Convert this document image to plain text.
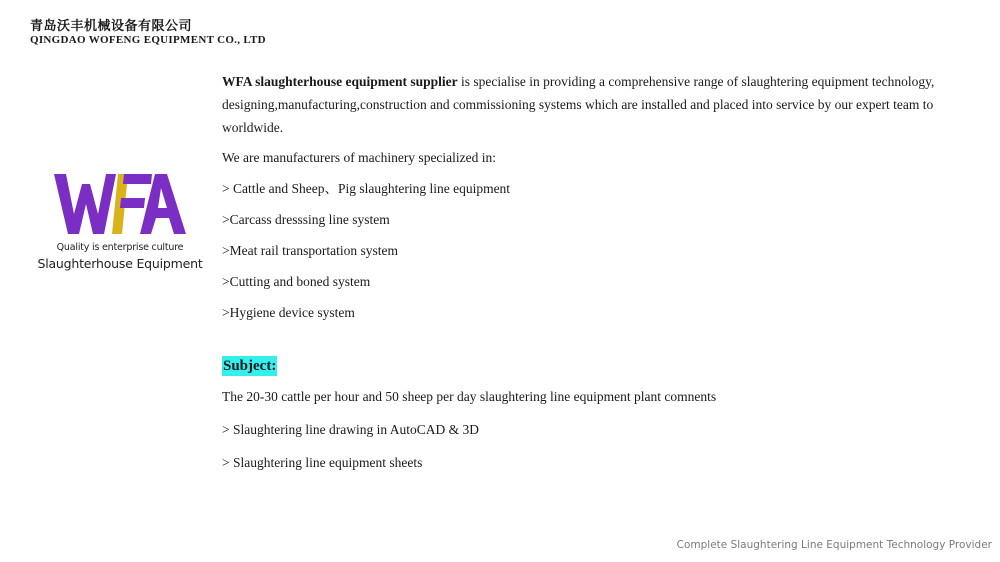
青岛沃丰机械设备有限公司
QINGDAO WOFENG EQUIPMENT CO., LTD
Quality is enterprise culture
Slaughterhouse Equipment

WFA slaughterhouse equipment supplier is specialise in providing a comprehensive range of slaughtering equipment technology, designing,manufacturing,construction and commissioning systems which are installed and placed into service by our expert team to worldwide.

We are manufacturers of machinery specialized in:

> Cattle and Sheep、Pig slaughtering line equipment

>Carcass dresssing line system

>Meat rail transportation system

>Cutting and boned system

>Hygiene device system

Subject:

The 20-30 cattle per hour and 50 sheep per day slaughtering line equipment plant comnents

> Slaughtering line drawing in AutoCAD & 3D

> Slaughtering line equipment sheets

Complete Slaughtering Line Equipment Technology Provider
